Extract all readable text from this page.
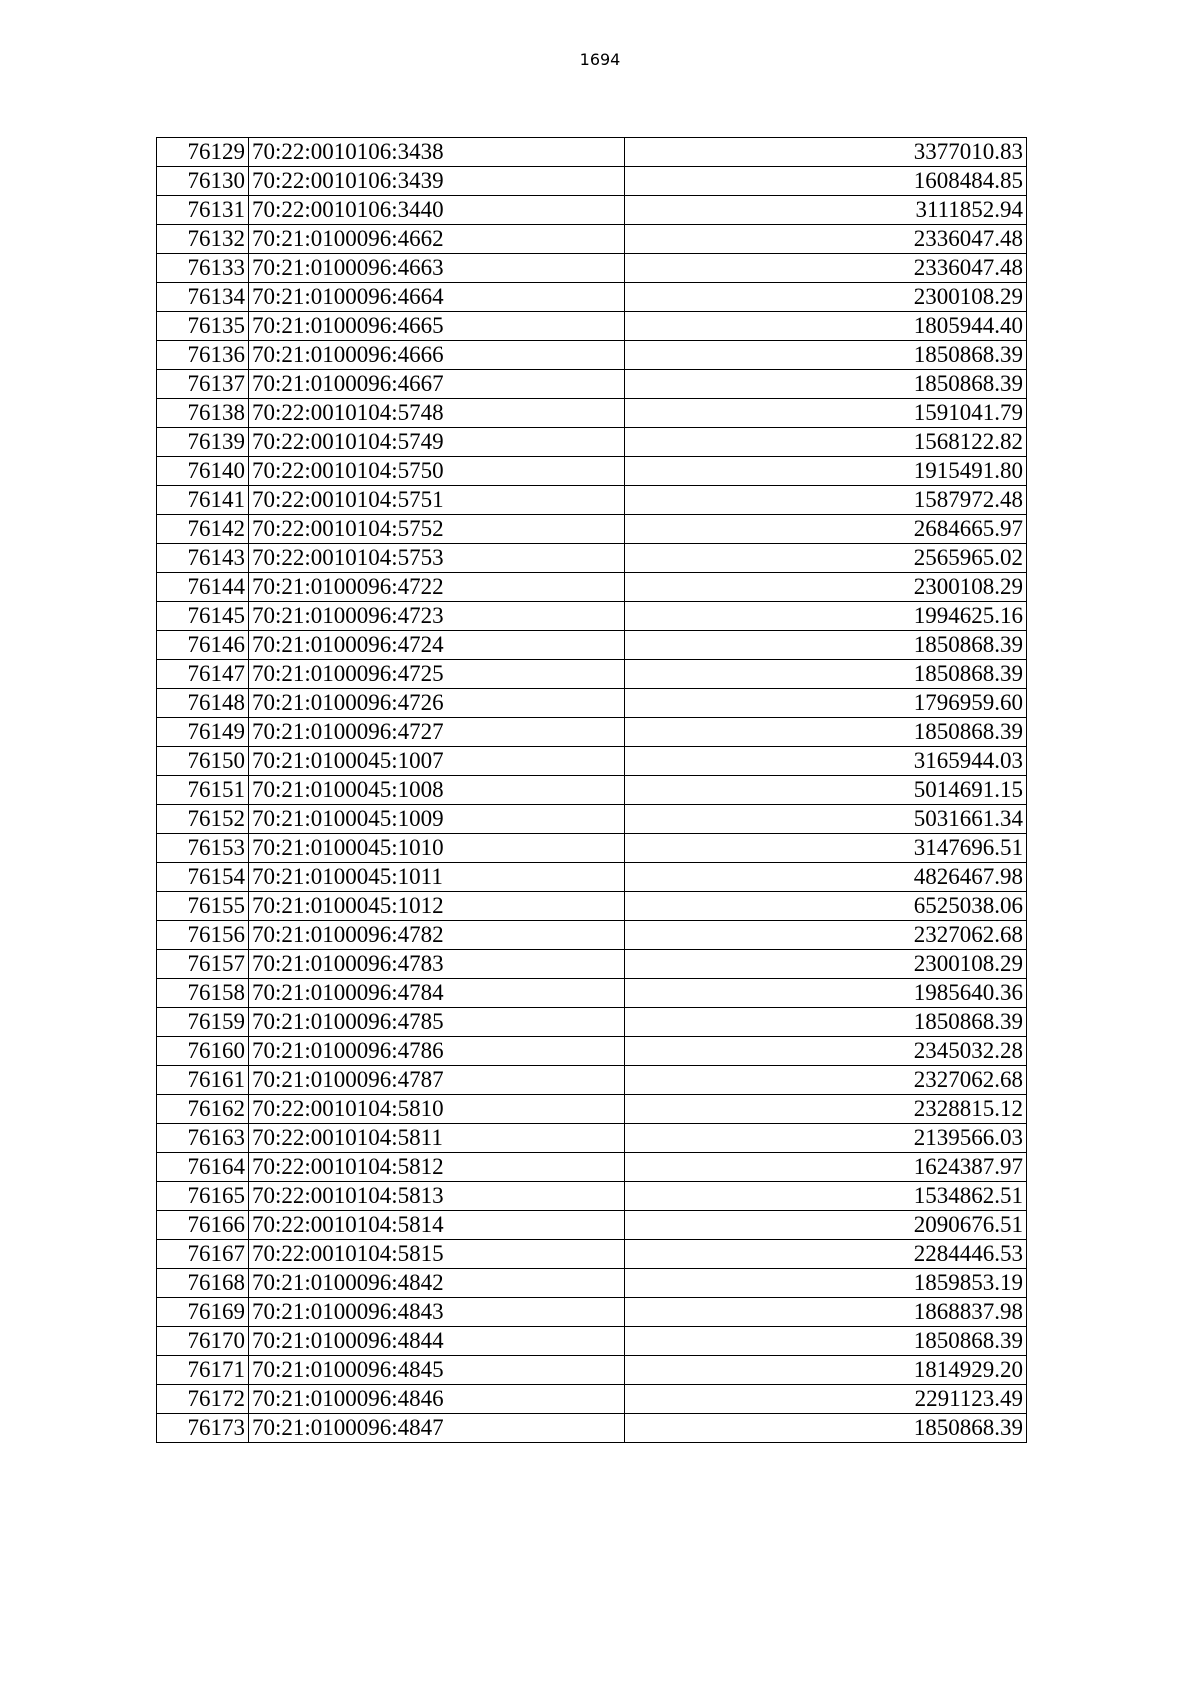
1694
76129	70:22:0010106:3438	3377010.83
76130	70:22:0010106:3439	1608484.85
76131	70:22:0010106:3440	3111852.94
76132	70:21:0100096:4662	2336047.48
76133	70:21:0100096:4663	2336047.48
76134	70:21:0100096:4664	2300108.29
76135	70:21:0100096:4665	1805944.40
76136	70:21:0100096:4666	1850868.39
76137	70:21:0100096:4667	1850868.39
76138	70:22:0010104:5748	1591041.79
76139	70:22:0010104:5749	1568122.82
76140	70:22:0010104:5750	1915491.80
76141	70:22:0010104:5751	1587972.48
76142	70:22:0010104:5752	2684665.97
76143	70:22:0010104:5753	2565965.02
76144	70:21:0100096:4722	2300108.29
76145	70:21:0100096:4723	1994625.16
76146	70:21:0100096:4724	1850868.39
76147	70:21:0100096:4725	1850868.39
76148	70:21:0100096:4726	1796959.60
76149	70:21:0100096:4727	1850868.39
76150	70:21:0100045:1007	3165944.03
76151	70:21:0100045:1008	5014691.15
76152	70:21:0100045:1009	5031661.34
76153	70:21:0100045:1010	3147696.51
76154	70:21:0100045:1011	4826467.98
76155	70:21:0100045:1012	6525038.06
76156	70:21:0100096:4782	2327062.68
76157	70:21:0100096:4783	2300108.29
76158	70:21:0100096:4784	1985640.36
76159	70:21:0100096:4785	1850868.39
76160	70:21:0100096:4786	2345032.28
76161	70:21:0100096:4787	2327062.68
76162	70:22:0010104:5810	2328815.12
76163	70:22:0010104:5811	2139566.03
76164	70:22:0010104:5812	1624387.97
76165	70:22:0010104:5813	1534862.51
76166	70:22:0010104:5814	2090676.51
76167	70:22:0010104:5815	2284446.53
76168	70:21:0100096:4842	1859853.19
76169	70:21:0100096:4843	1868837.98
76170	70:21:0100096:4844	1850868.39
76171	70:21:0100096:4845	1814929.20
76172	70:21:0100096:4846	2291123.49
76173	70:21:0100096:4847	1850868.39
